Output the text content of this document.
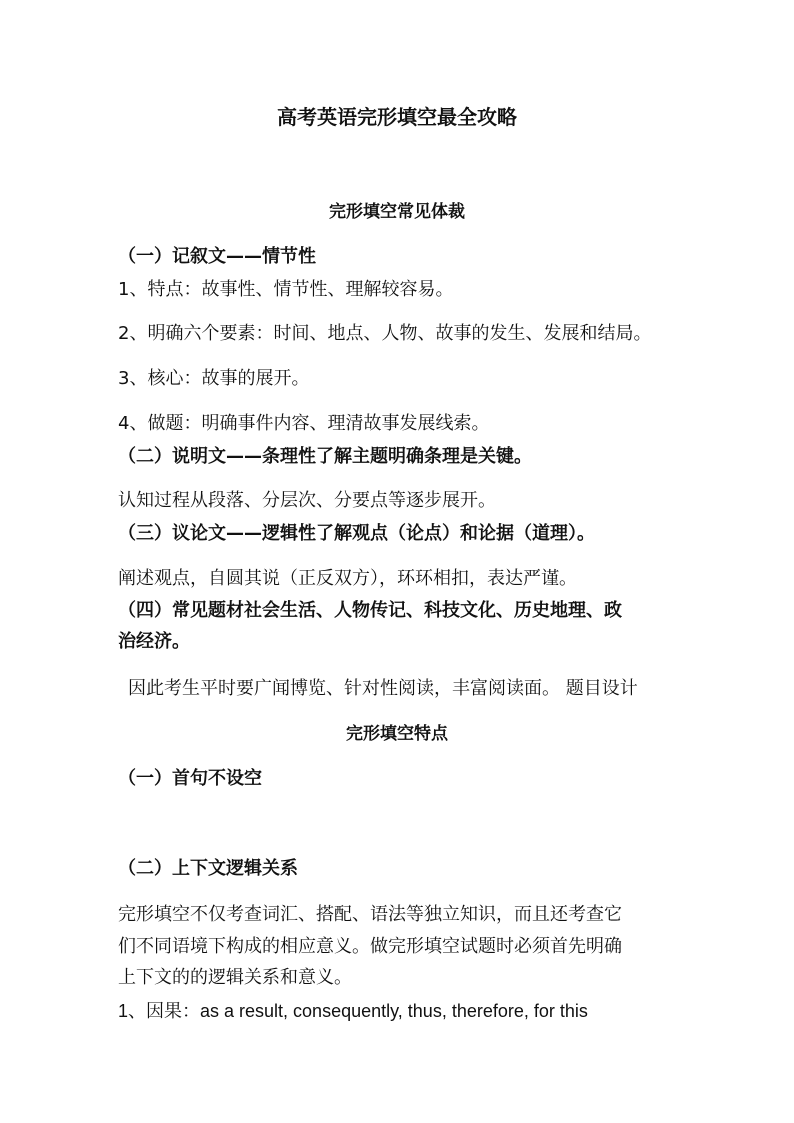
高考英语完形填空最全攻略
完形填空常见体裁
（一）记叙文——情节性
1、特点：故事性、情节性、理解较容易。
2、明确六个要素：时间、地点、人物、故事的发生、发展和结局。
3、核心：故事的展开。
4、做题：明确事件内容、理清故事发展线索。
（二）说明文——条理性了解主题明确条理是关键。
认知过程从段落、分层次、分要点等逐步展开。
（三）议论文——逻辑性了解观点（论点）和论据（道理）。
阐述观点，自圆其说（正反双方），环环相扣，表达严谨。
（四）常见题材社会生活、人物传记、科技文化、历史地理、政
治经济。
因此考生平时要广闻博览、针对性阅读，丰富阅读面。 题目设计
完形填空特点
（一）首句不设空
（二）上下文逻辑关系
完形填空不仅考查词汇、搭配、语法等独立知识，而且还考查它
们不同语境下构成的相应意义。做完形填空试题时必须首先明确
上下文的的逻辑关系和意义。
1、因果：as a result, consequently, thus, therefore, for this
